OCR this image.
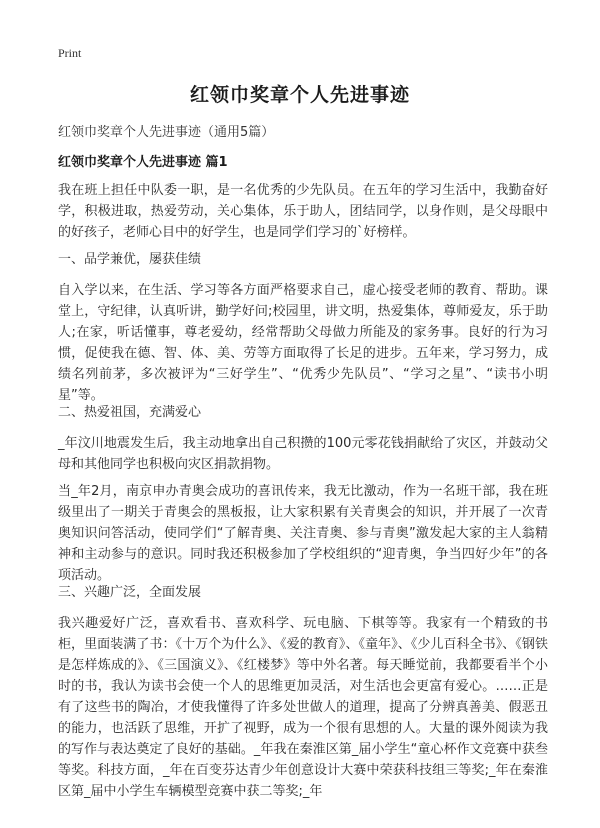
Print
红领巾奖章个人先进事迹
红领巾奖章个人先进事迹（通用5篇）
红领巾奖章个人先进事迹 篇1

我在班上担任中队委一职，是一名优秀的少先队员。在五年的学习生活中，我勤奋好学，积极进取，热爱劳动，关心集体，乐于助人，团结同学，以身作则，是父母眼中的好孩子，老师心目中的好学生，也是同学们学习的`好榜样。

一、品学兼优，屡获佳绩

自入学以来，在生活、学习等各方面严格要求自己，虚心接受老师的教育、帮助。课堂上，守纪律，认真听讲，勤学好问;校园里，讲文明，热爱集体，尊师爱友，乐于助人;在家，听话懂事，尊老爱幼，经常帮助父母做力所能及的家务事。良好的行为习惯，促使我在德、智、体、美、劳等方面取得了长足的进步。五年来，学习努力，成绩名列前茅，多次被评为“三好学生”、“优秀少先队员”、“学习之星”、“读书小明星”等。

二、热爱祖国，充满爱心

_年汶川地震发生后，我主动地拿出自己积攒的100元零花钱捐献给了灾区，并鼓动父母和其他同学也积极向灾区捐款捐物。

当_年2月，南京申办青奥会成功的喜讯传来，我无比激动，作为一名班干部，我在班级里出了一期关于青奥会的黑板报，让大家积累有关青奥会的知识，并开展了一次青奥知识问答活动，使同学们“了解青奥、关注青奥、参与青奥”激发起大家的主人翁精神和主动参与的意识。同时我还积极参加了学校组织的“迎青奥，争当四好少年”的各项活动。

三、兴趣广泛，全面发展

我兴趣爱好广泛，喜欢看书、喜欢科学、玩电脑、下棋等等。我家有一个精致的书柜，里面装满了书：《十万个为什么》、《爱的教育》、《童年》、《少儿百科全书》、《钢铁是怎样炼成的》、《三国演义》、《红楼梦》等中外名著。每天睡觉前，我都要看半个小时的书，我认为读书会使一个人的思维更加灵活，对生活也会更富有爱心。……正是有了这些书的陶冶，才使我懂得了许多处世做人的道理，提高了分辨真善美、假恶丑的能力，也活跃了思维，开扩了视野，成为一个很有思想的人。大量的课外阅读为我的写作与表达奠定了良好的基础。_年我在秦淮区第_届小学生“童心杯作文竞赛中获叁等奖。科技方面，_年在百变芬达青少年创意设计大赛中荣获科技组三等奖;_年在秦淮区第_届中小学生车辆模型竞赛中获二等奖;_年
